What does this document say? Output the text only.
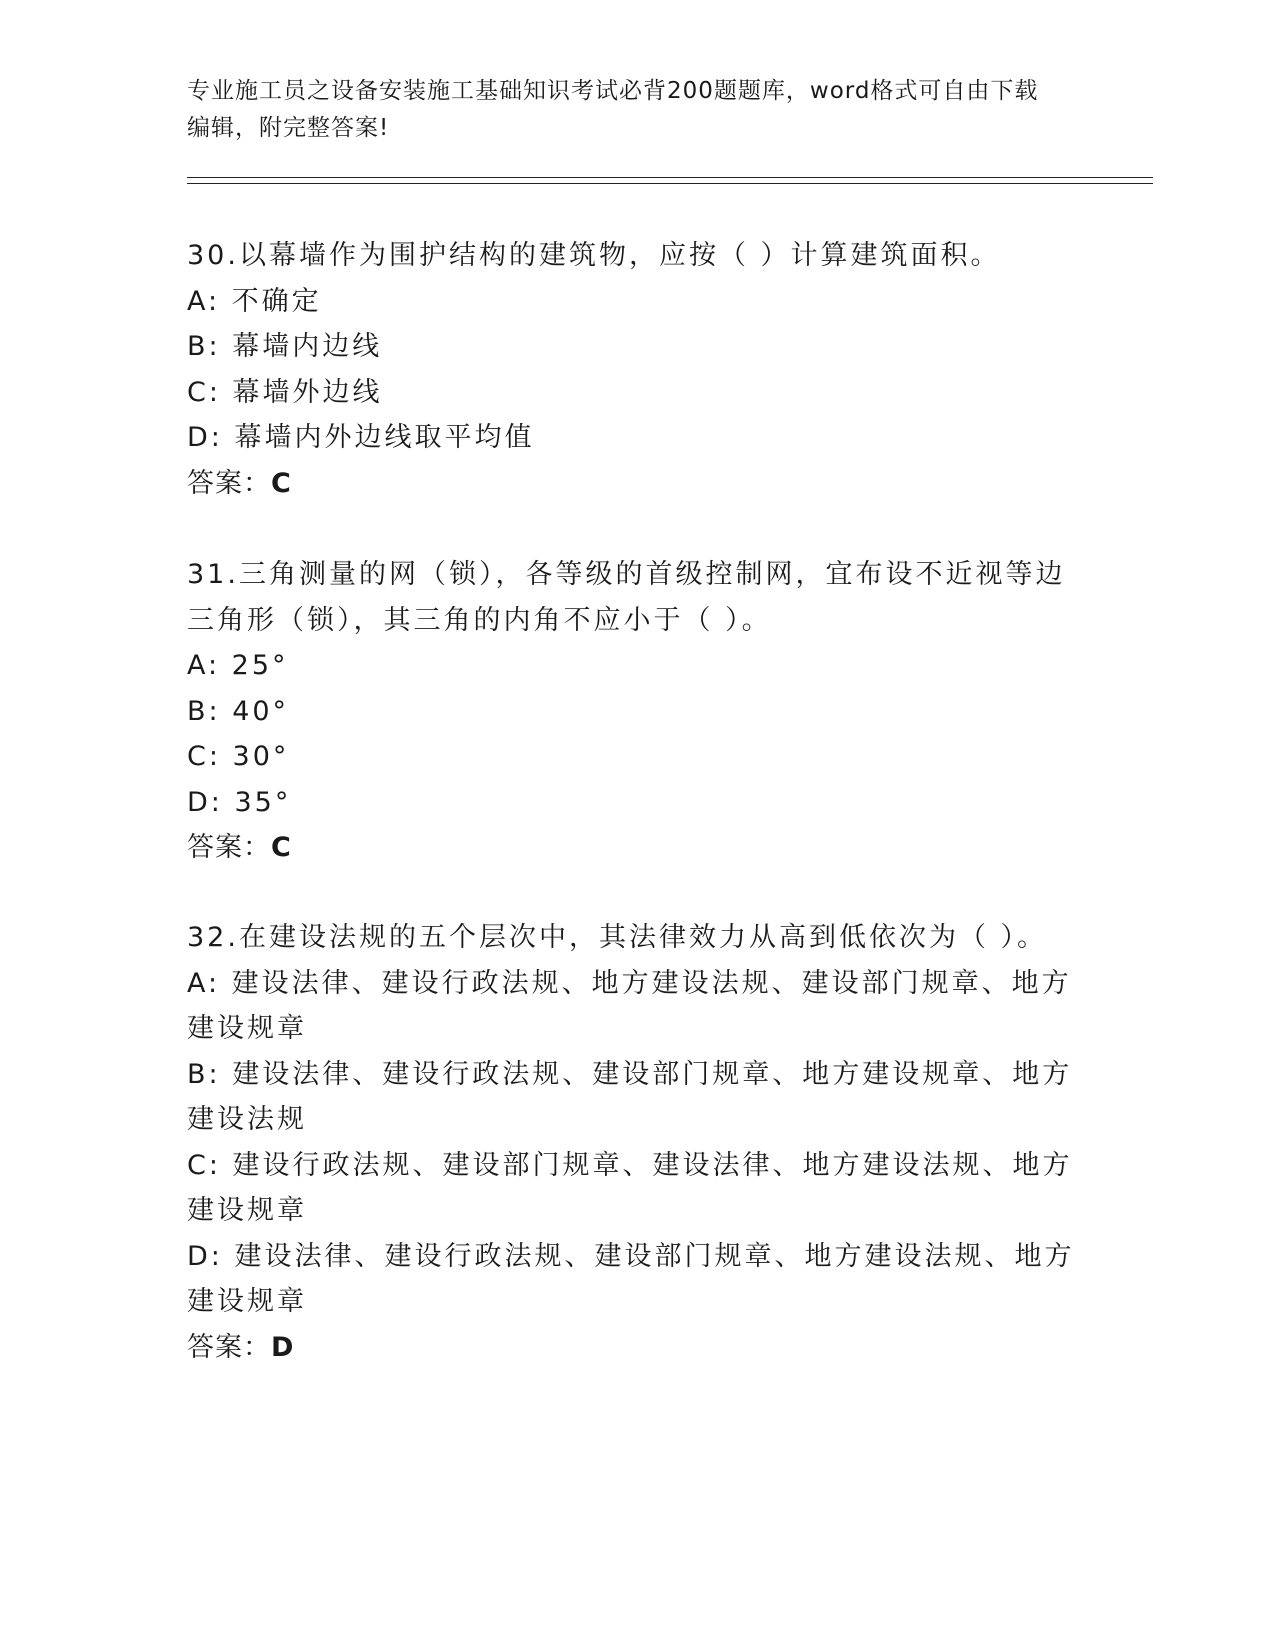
专业施工员之设备安装施工基础知识考试必背200题题库，word格式可自由下载
编辑，附完整答案!

30.以幕墙作为围护结构的建筑物，应按（ ）计算建筑面积。

A: 不确定

B: 幕墙内边线

C: 幕墙外边线

D: 幕墙内外边线取平均值

答案：C

31.三角测量的网（锁），各等级的首级控制网，宜布设不近视等边三角形（锁），其三角的内角不应小于（ ）。

A: 25°

B: 40°

C: 30°

D: 35°

答案：C

32.在建设法规的五个层次中，其法律效力从高到低依次为（ ）。

A: 建设法律、建设行政法规、地方建设法规、建设部门规章、地方建设规章

B: 建设法律、建设行政法规、建设部门规章、地方建设规章、地方建设法规

C: 建设行政法规、建设部门规章、建设法律、地方建设法规、地方建设规章

D: 建设法律、建设行政法规、建设部门规章、地方建设法规、地方建设规章

答案：D
